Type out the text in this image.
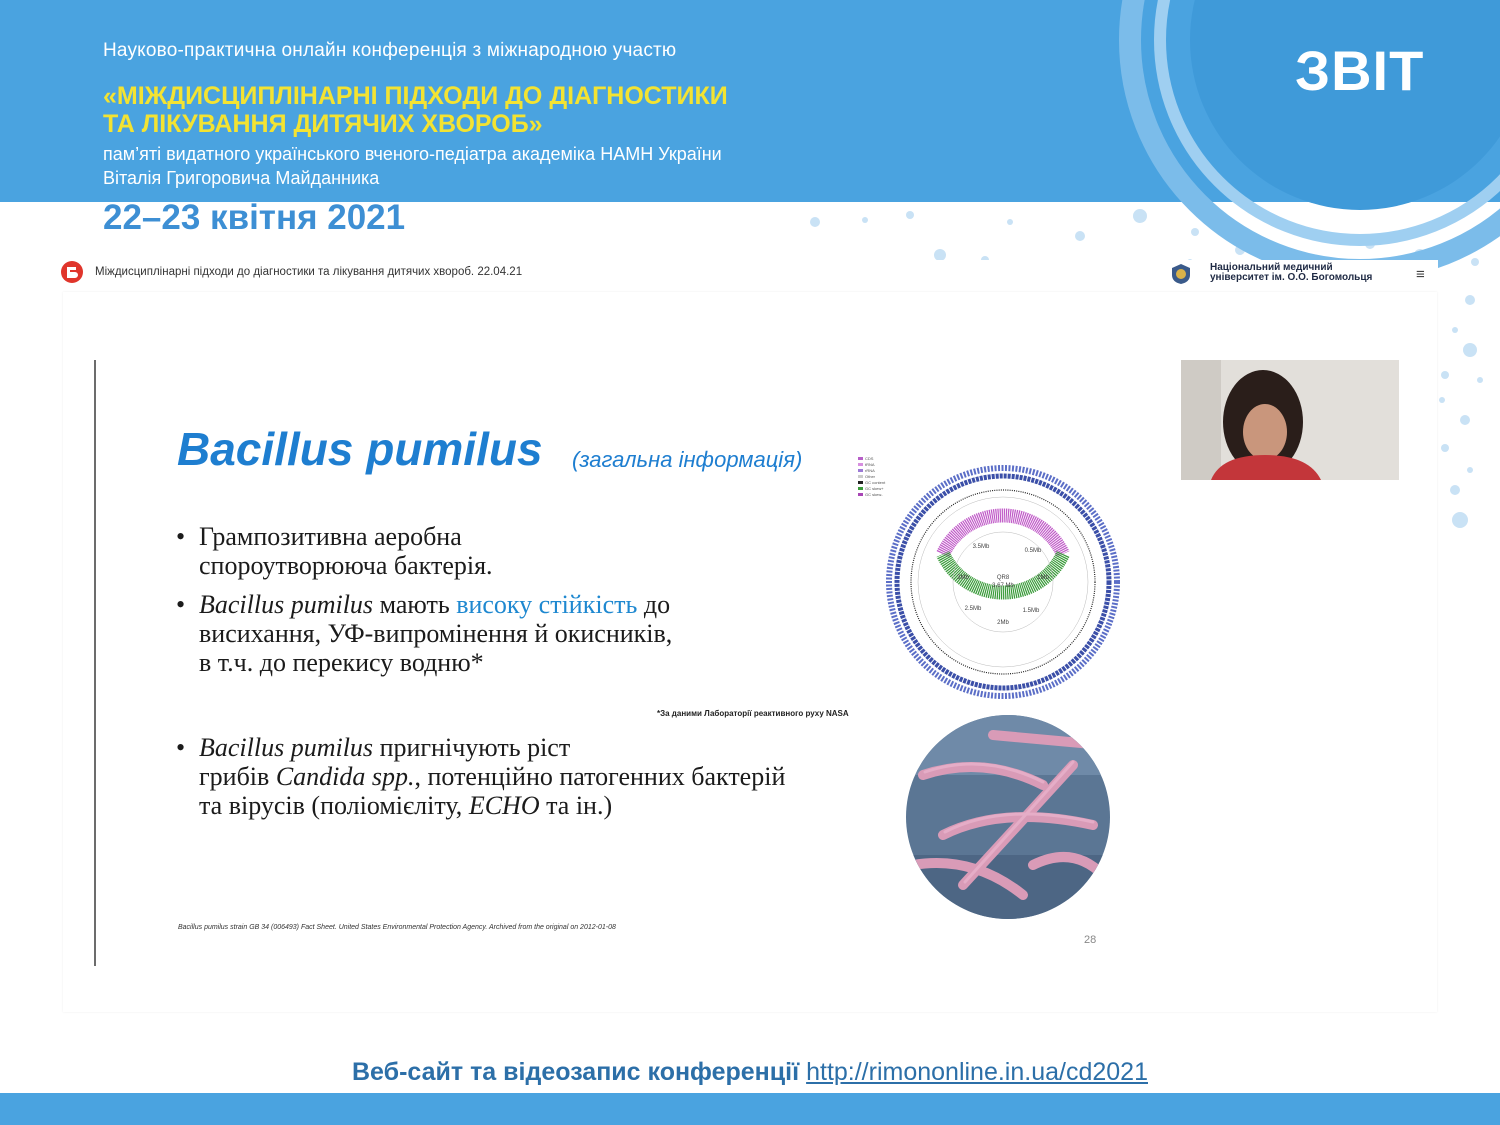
Науково-практична онлайн конференція з міжнародною участю
«МІЖДИСЦИПЛІНАРНІ ПІДХОДИ ДО ДІАГНОСТИКИ
ТА ЛІКУВАННЯ ДИТЯЧИХ ХВОРОБ»
пам’яті видатного українського вченого-педіатра академіка НАМН України
Віталія Григоровича Майданника
ЗВІТ
22–23 квітня 2021
Міждисциплінарні підходи до діагностики та лікування дитячих хвороб. 22.04.21	Національний медичний
університет ім. О.О. Богомольця	≡
Bacillus pumilus (загальна інформація)
• Грампозитивна аеробна
спороутворююча бактерія.
• Bacillus pumilus мають високу стійкість до
висихання, УФ-випромінення й окисників,
в т.ч. до перекису водню*
*За даними Лабораторії реактивного руху NASA
• Bacillus pumilus пригнічують ріст
грибів Candida spp., потенційно патогенних бактерій
та вірусів (поліомієліту, ECHO та ін.)
Bacillus pumilus strain GB 34 (006493) Fact Sheet. United States Environmental Protection Agency. Archived from the original on 2012-01-08
28
CDS
tRNA
rRNA
Other
GC content
GC skew+
GC skew-
QR8
3.67 Mb
0.5Mb
1Mb
1.5Mb
2Mb
2.5Mb
3Mb
3.5Mb
Веб-сайт та відеозапис конференції http://rimononline.in.ua/cd2021
